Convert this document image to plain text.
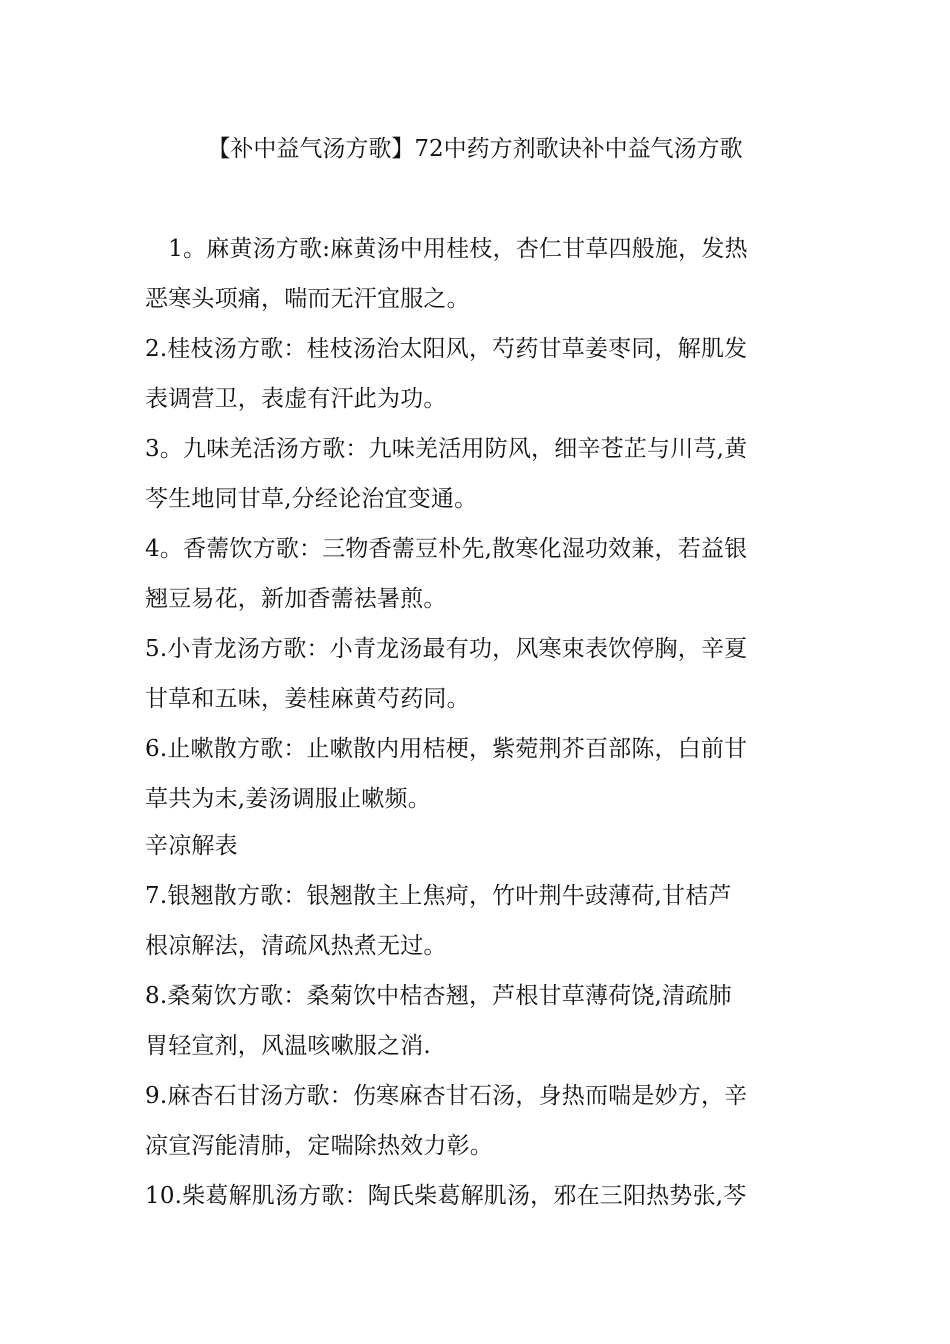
【补中益气汤方歌】72中药方剂歌诀补中益气汤方歌
　1。麻黄汤方歌:麻黄汤中用桂枝，杏仁甘草四般施，发热
恶寒头项痛，喘而无汗宜服之。
2.桂枝汤方歌：桂枝汤治太阳风，芍药甘草姜枣同，解肌发
表调营卫，表虚有汗此为功。
3。九味羌活汤方歌：九味羌活用防风，细辛苍芷与川芎,黄
芩生地同甘草,分经论治宜变通。
4。香薷饮方歌：三物香薷豆朴先,散寒化湿功效兼，若益银
翘豆易花，新加香薷祛暑煎。
5.小青龙汤方歌：小青龙汤最有功，风寒束表饮停胸，辛夏
甘草和五味，姜桂麻黄芍药同。
6.止嗽散方歌：止嗽散内用桔梗，紫菀荆芥百部陈，白前甘
草共为末,姜汤调服止嗽频。
辛凉解表
7.银翘散方歌：银翘散主上焦疴，竹叶荆牛豉薄荷,甘桔芦
根凉解法，清疏风热煮无过。
8.桑菊饮方歌：桑菊饮中桔杏翘，芦根甘草薄荷饶,清疏肺
胃轻宣剂，风温咳嗽服之消.
9.麻杏石甘汤方歌：伤寒麻杏甘石汤，身热而喘是妙方，辛
凉宣泻能清肺，定喘除热效力彰。
10.柴葛解肌汤方歌：陶氏柴葛解肌汤，邪在三阳热势张,芩
